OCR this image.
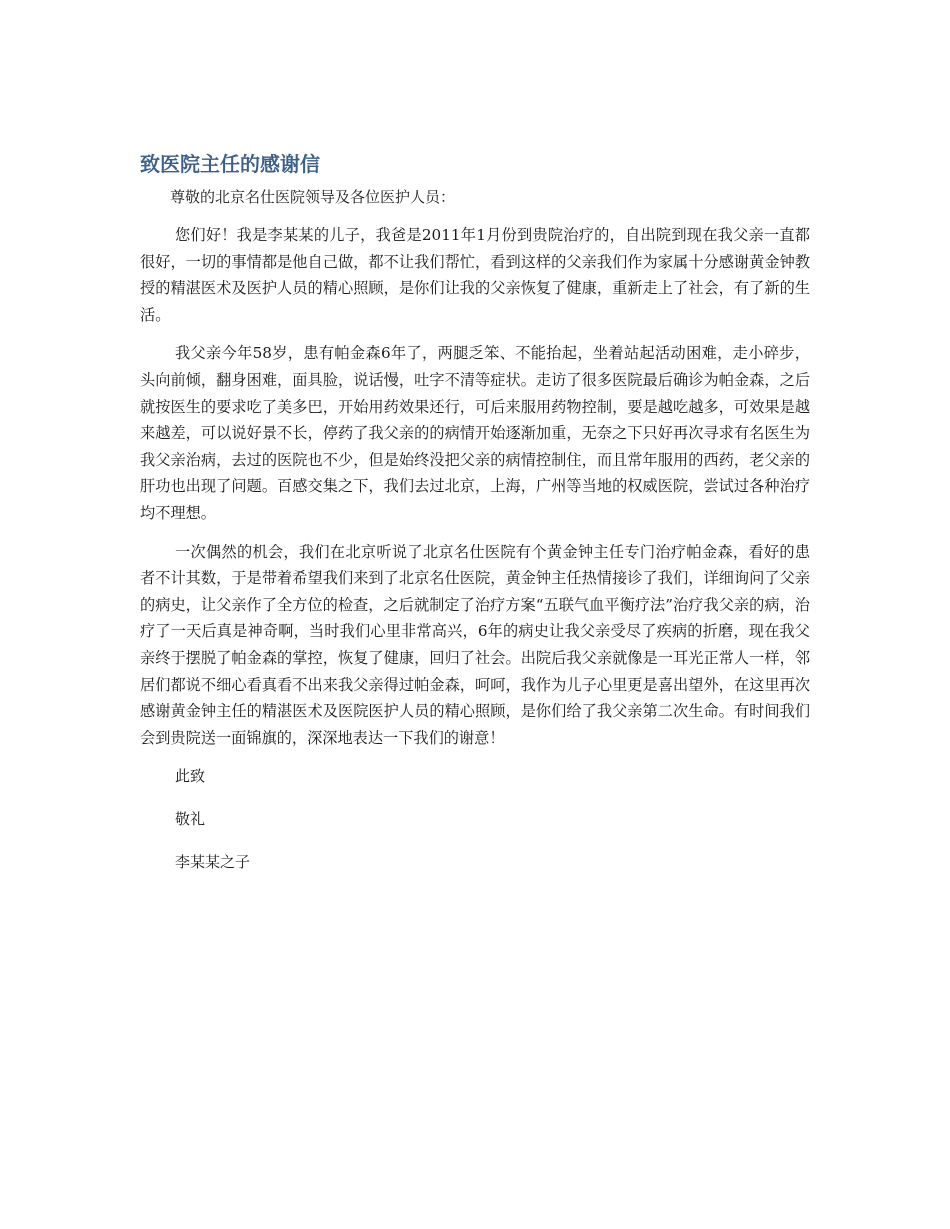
致医院主任的感谢信

尊敬的北京名仕医院领导及各位医护人员：

您们好！我是李某某的儿子，我爸是2011年1月份到贵院治疗的，自出院到现在我父亲一直都很好，一切的事情都是他自己做，都不让我们帮忙，看到这样的父亲我们作为家属十分感谢黄金钟教授的精湛医术及医护人员的精心照顾，是你们让我的父亲恢复了健康，重新走上了社会，有了新的生活。

我父亲今年58岁，患有帕金森6年了，两腿乏笨、不能抬起，坐着站起活动困难，走小碎步，头向前倾，翻身困难，面具脸，说话慢，吐字不清等症状。走访了很多医院最后确诊为帕金森，之后就按医生的要求吃了美多巴，开始用药效果还行，可后来服用药物控制，要是越吃越多，可效果是越来越差，可以说好景不长，停药了我父亲的的病情开始逐渐加重，无奈之下只好再次寻求有名医生为我父亲治病，去过的医院也不少，但是始终没把父亲的病情控制住，而且常年服用的西药，老父亲的肝功也出现了问题。百感交集之下，我们去过北京，上海，广州等当地的权威医院，尝试过各种治疗均不理想。

一次偶然的机会，我们在北京听说了北京名仕医院有个黄金钟主任专门治疗帕金森，看好的患者不计其数，于是带着希望我们来到了北京名仕医院，黄金钟主任热情接诊了我们，详细询问了父亲的病史，让父亲作了全方位的检查，之后就制定了治疗方案“五联气血平衡疗法”治疗我父亲的病，治疗了一天后真是神奇啊，当时我们心里非常高兴，6年的病史让我父亲受尽了疾病的折磨，现在我父亲终于摆脱了帕金森的掌控，恢复了健康，回归了社会。出院后我父亲就像是一耳光正常人一样，邻居们都说不细心看真看不出来我父亲得过帕金森，呵呵，我作为儿子心里更是喜出望外，在这里再次感谢黄金钟主任的精湛医术及医院医护人员的精心照顾，是你们给了我父亲第二次生命。有时间我们会到贵院送一面锦旗的，深深地表达一下我们的谢意！

此致

敬礼

李某某之子
